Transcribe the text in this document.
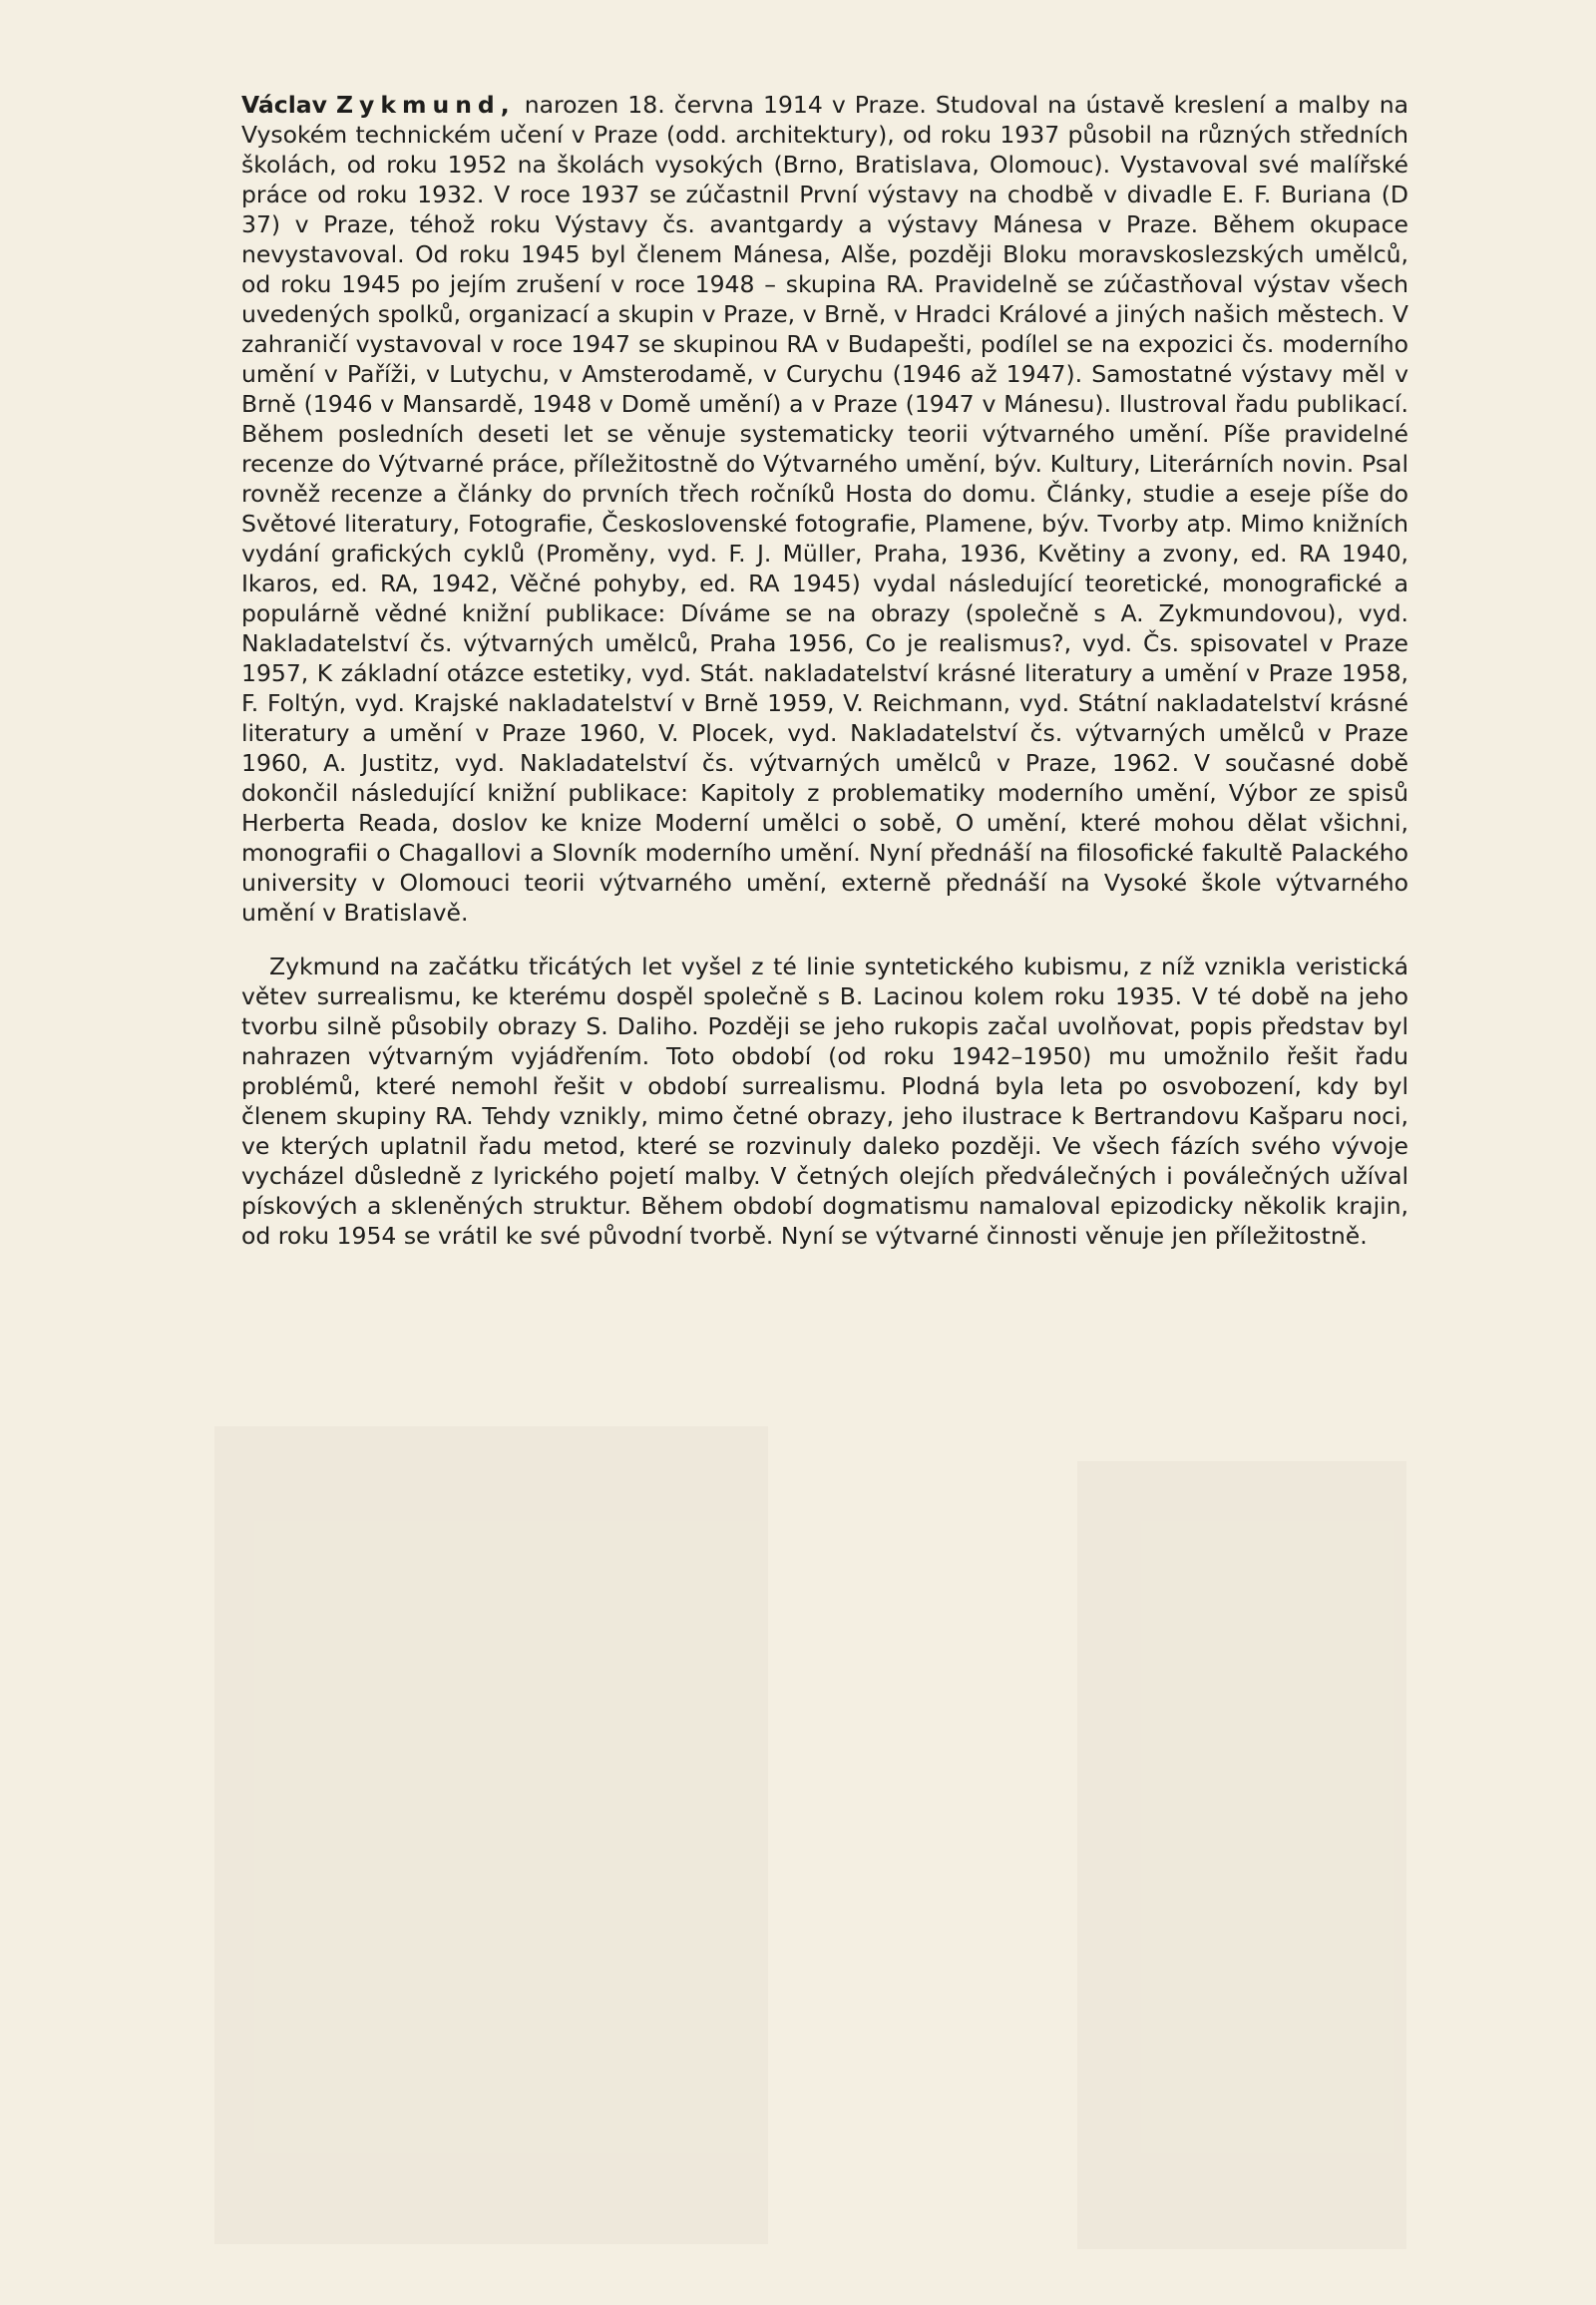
Václav Zykmund, narozen 18. června 1914 v Praze. Studoval na ústavě kreslení a malby na Vysokém technickém učení v Praze (odd. architektury), od roku 1937 působil na různých středních školách, od roku 1952 na školách vysokých (Brno, Bratislava, Olomouc). Vystavoval své malířské práce od roku 1932. V roce 1937 se zúčastnil První výstavy na chodbě v divadle E. F. Buriana (D 37) v Praze, téhož roku Výstavy čs. avantgardy a výstavy Mánesa v Praze. Během okupace nevystavoval. Od roku 1945 byl členem Mánesa, Alše, později Bloku moravskoslezských umělců, od roku 1945 po jejím zrušení v roce 1948 – skupina RA. Pravidelně se zúčastňoval výstav všech uvedených spolků, organizací a skupin v Praze, v Brně, v Hradci Králové a jiných našich městech. V zahraničí vystavoval v roce 1947 se skupinou RA v Budapešti, podílel se na expozici čs. moderního umění v Paříži, v Lutychu, v Amsterodamě, v Curychu (1946 až 1947). Samostatné výstavy měl v Brně (1946 v Mansardě, 1948 v Domě umění) a v Praze (1947 v Mánesu). Ilustroval řadu publikací. Během posledních deseti let se věnuje systematicky teorii výtvarného umění. Píše pravidelné recenze do Výtvarné práce, příležitostně do Výtvarného umění, býv. Kultury, Literárních novin. Psal rovněž recenze a články do prvních třech ročníků Hosta do domu. Články, studie a eseje píše do Světové literatury, Fotografie, Československé fotografie, Plamene, býv. Tvorby atp. Mimo knižních vydání grafických cyklů (Proměny, vyd. F. J. Müller, Praha, 1936, Květiny a zvony, ed. RA 1940, Ikaros, ed. RA, 1942, Věčné pohyby, ed. RA 1945) vydal následující teoretické, monografické a populárně vědné knižní publikace: Díváme se na obrazy (společně s A. Zykmundovou), vyd. Nakladatelství čs. výtvarných umělců, Praha 1956, Co je realismus?, vyd. Čs. spisovatel v Praze 1957, K základní otázce estetiky, vyd. Stát. nakladatelství krásné literatury a umění v Praze 1958, F. Foltýn, vyd. Krajské nakladatelství v Brně 1959, V. Reichmann, vyd. Státní nakladatelství krásné literatury a umění v Praze 1960, V. Plocek, vyd. Nakladatelství čs. výtvarných umělců v Praze 1960, A. Justitz, vyd. Nakladatelství čs. výtvarných umělců v Praze, 1962. V současné době dokončil následující knižní publikace: Kapitoly z problematiky moderního umění, Výbor ze spisů Herberta Reada, doslov ke knize Moderní umělci o sobě, O umění, které mohou dělat všichni, monografii o Chagallovi a Slovník moderního umění. Nyní přednáší na filosofické fakultě Palackého university v Olomouci teorii výtvarného umění, externě přednáší na Vysoké škole výtvarného umění v Bratislavě.

Zykmund na začátku třicátých let vyšel z té linie syntetického kubismu, z níž vznikla veristická větev surrealismu, ke kterému dospěl společně s B. Lacinou kolem roku 1935. V té době na jeho tvorbu silně působily obrazy S. Daliho. Později se jeho rukopis začal uvolňovat, popis představ byl nahrazen výtvarným vyjádřením. Toto období (od roku 1942–1950) mu umožnilo řešit řadu problémů, které nemohl řešit v období surrealismu. Plodná byla leta po osvobození, kdy byl členem skupiny RA. Tehdy vznikly, mimo četné obrazy, jeho ilustrace k Bertrandovu Kašparu noci, ve kterých uplatnil řadu metod, které se rozvinuly daleko později. Ve všech fázích svého vývoje vycházel důsledně z lyrického pojetí malby. V četných olejích předválečných i poválečných užíval pískových a skleněných struktur. Během období dogmatismu namaloval epizodicky několik krajin, od roku 1954 se vrátil ke své původní tvorbě. Nyní se výtvarné činnosti věnuje jen příležitostně.
